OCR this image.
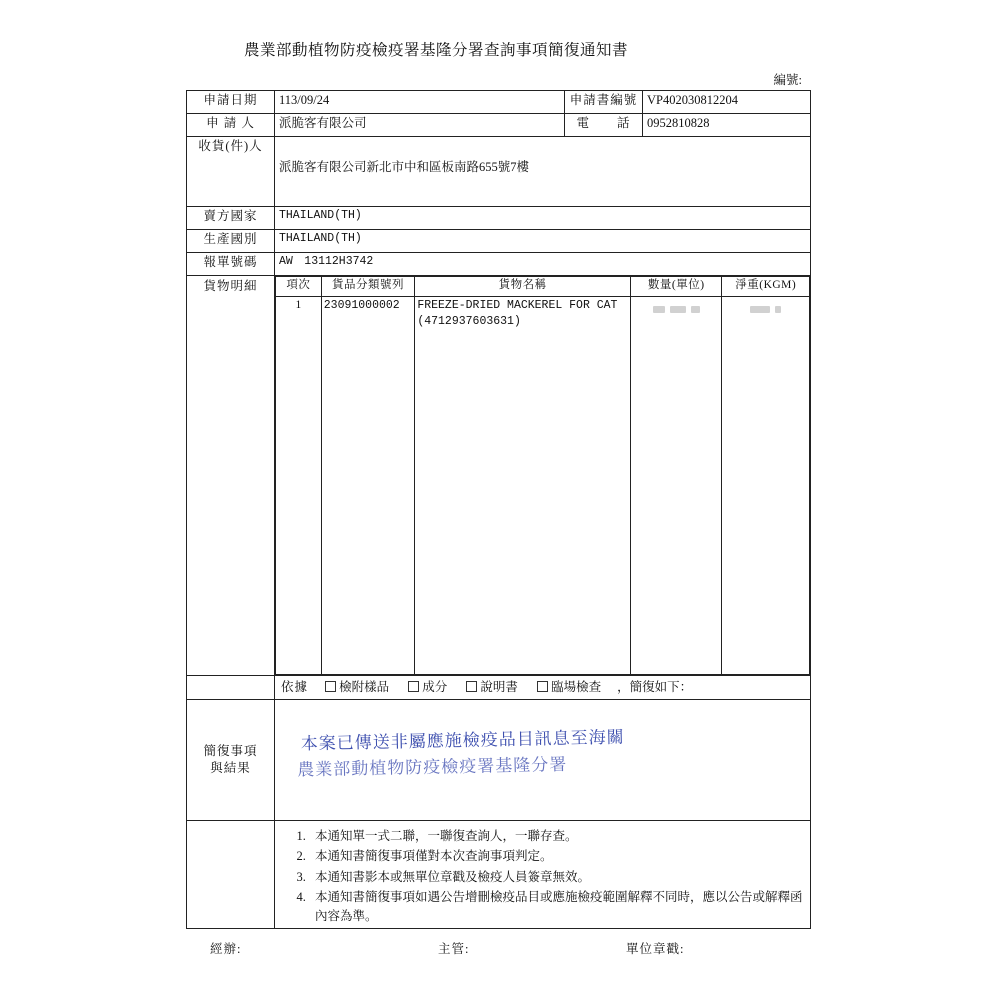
農業部動植物防疫檢疫署基隆分署查詢事項簡復通知書
編號:
申請日期	113/09/24	申請書編號	VP402030812204
申 請 人	派脆客有限公司	電　　話	0952810828
收貨(件)人	派脆客有限公司新北市中和區板南路655號7樓
賣方國家	THAILAND(TH)
生產國別	THAILAND(TH)
報單號碼	AW　13112H3742
貨物明細		項次	貨品分類號列	貨物名稱	數量(單位)	淨重(KGM)
1	23091000002	FREEZE-DRIED MACKEREL FOR CAT
(4712937603631)

依據 檢附樣品	成分	說明書	臨場檢查 ，簡復如下：

簡復事項
與結果

本案已傳送非屬應施檢疫品目訊息至海關
農業部動植物防疫檢疫署基隆分署

1. 本通知單一式二聯，一聯復查詢人，一聯存查。
2. 本通知書簡復事項僅對本次查詢事項判定。
3. 本通知書影本或無單位章戳及檢疫人員簽章無效。
4. 本通知書簡復事項如遇公告增刪檢疫品目或應施檢疫範圍解釋不同時，應以公告或解釋函內容為準。
經辦:	主管:	單位章戳:
